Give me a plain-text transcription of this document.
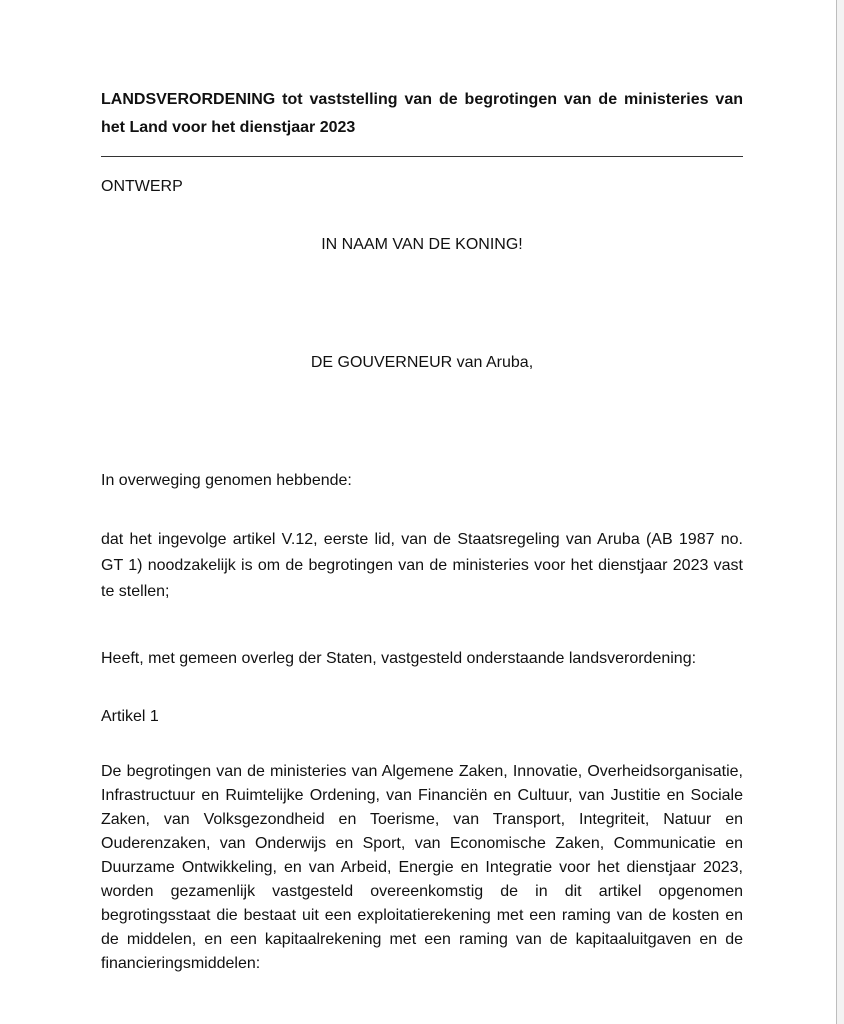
LANDSVERORDENING tot vaststelling van de begrotingen van de ministeries van het Land voor het dienstjaar 2023

ONTWERP

IN NAAM VAN DE KONING!

DE GOUVERNEUR van Aruba,

In overweging genomen hebbende:

dat het ingevolge artikel V.12, eerste lid, van de Staatsregeling van Aruba (AB 1987 no. GT 1) noodzakelijk is om de begrotingen van de ministeries voor het dienstjaar 2023 vast te stellen;

Heeft, met gemeen overleg der Staten, vastgesteld onderstaande landsverordening:

Artikel 1

De begrotingen van de ministeries van Algemene Zaken, Innovatie, Overheidsorganisatie, Infrastructuur en Ruimtelijke Ordening, van Financiën en Cultuur, van Justitie en Sociale Zaken, van Volksgezondheid en Toerisme, van Transport, Integriteit, Natuur en Ouderenzaken, van Onderwijs en Sport, van Economische Zaken, Communicatie en Duurzame Ontwikkeling, en van Arbeid, Energie en Integratie voor het dienstjaar 2023, worden gezamenlijk vastgesteld overeenkomstig de in dit artikel opgenomen begrotingsstaat die bestaat uit een exploitatierekening met een raming van de kosten en de middelen, en een kapitaalrekening met een raming van de kapitaaluitgaven en de financieringsmiddelen:
